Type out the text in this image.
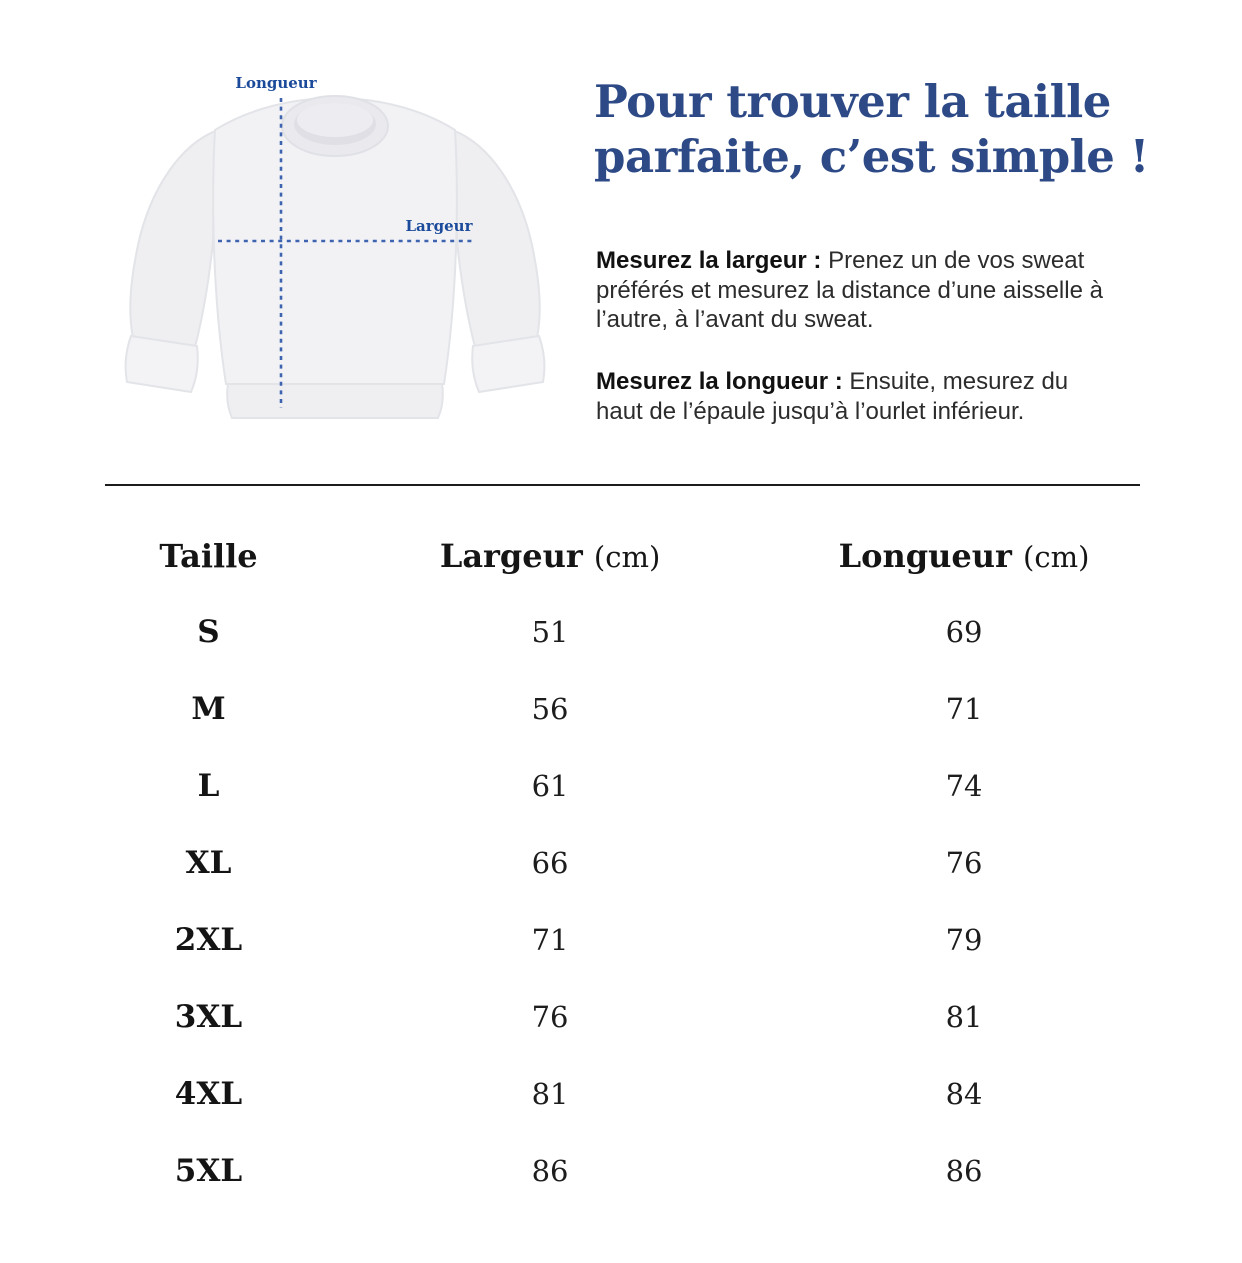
Longueur
Largeur
Pour trouver la taille
parfaite, c’est simple !

Mesurez la largeur : Prenez un de vos sweat préférés et mesurez la distance d’une aisselle à l’autre, à l’avant du sweat.

Mesurez la longueur : Ensuite, mesurez du haut de l’épaule jusqu’à l’ourlet inférieur.

Taille	Largeur (cm)	Longueur (cm)
S	51	69
M	56	71
L	61	74
XL	66	76
2XL	71	79
3XL	76	81
4XL	81	84
5XL	86	86
